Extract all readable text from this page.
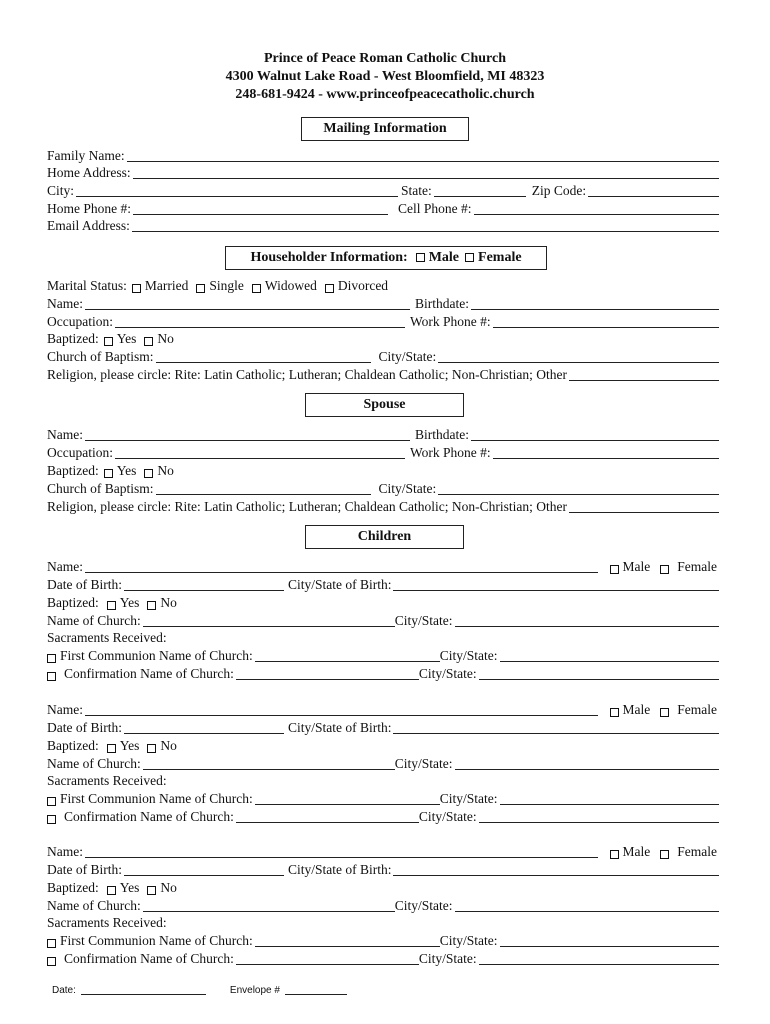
Prince of Peace Roman Catholic Church
4300 Walnut Lake Road - West Bloomfield, MI 48323
248-681-9424 - www.princeofpeacecatholic.church
Mailing Information
Family Name:
Home Address:
City:	State:	Zip Code:
Home Phone #:	Cell Phone #:
Email Address:
Householder Information: Male Female
Marital Status: Married Single Widowed Divorced
Name:	Birthdate:
Occupation:	Work Phone #:
Baptized: Yes No
Church of Baptism:	City/State:
Religion, please circle: Rite: Latin Catholic; Lutheran; Chaldean Catholic; Non-Christian; Other
Spouse
Name:	Birthdate:
Occupation:	Work Phone #:
Baptized: Yes No
Church of Baptism:	City/State:
Religion, please circle: Rite: Latin Catholic; Lutheran; Chaldean Catholic; Non-Christian; Other
Children
Name:	Male Female
Date of Birth:	City/State of Birth:
Baptized: Yes No
Name of Church:	City/State:
Sacraments Received:
First Communion Name of Church:	City/State:
Confirmation Name of Church:	City/State:
Name:	Male Female
Date of Birth:	City/State of Birth:
Baptized: Yes No
Name of Church:	City/State:
Sacraments Received:
First Communion Name of Church:	City/State:
Confirmation Name of Church:	City/State:
Name:	Male Female
Date of Birth:	City/State of Birth:
Baptized: Yes No
Name of Church:	City/State:
Sacraments Received:
First Communion Name of Church:	City/State:
Confirmation Name of Church:	City/State:
Date:	Envelope #
